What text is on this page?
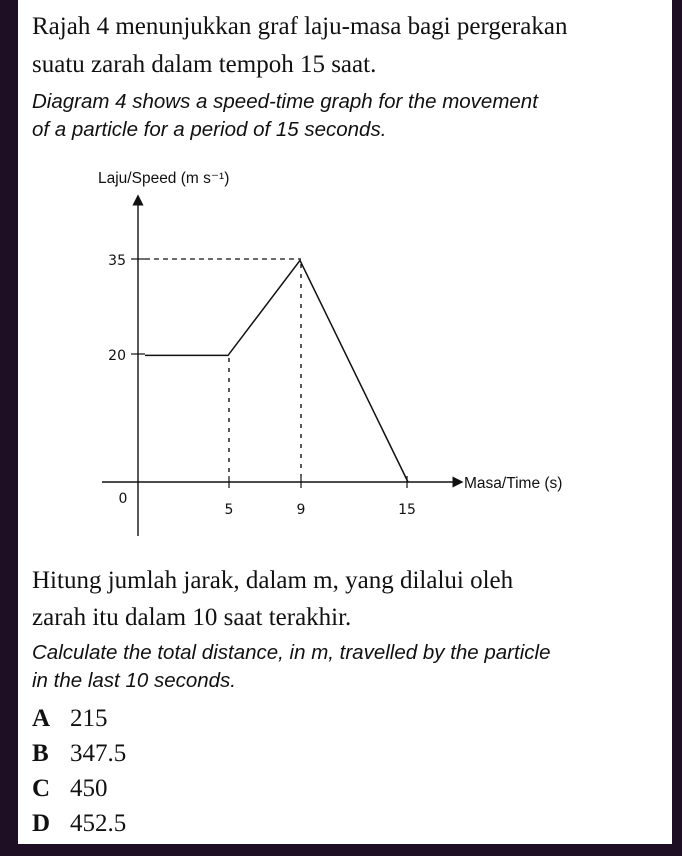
Rajah 4 menunjukkan graf laju-masa bagi pergerakan
suatu zarah dalam tempoh 15 saat.
Diagram 4 shows a speed-time graph for the movement
of a particle for a period of 15 seconds.
Laju/Speed (m s⁻¹)
Masa/Time (s)
35
20
0
5	9	15
Hitung jumlah jarak, dalam m, yang dilalui oleh
zarah itu dalam 10 saat terakhir.
Calculate the total distance, in m, travelled by the particle
in the last 10 seconds.
A 215
B 347.5
C 450
D 452.5
